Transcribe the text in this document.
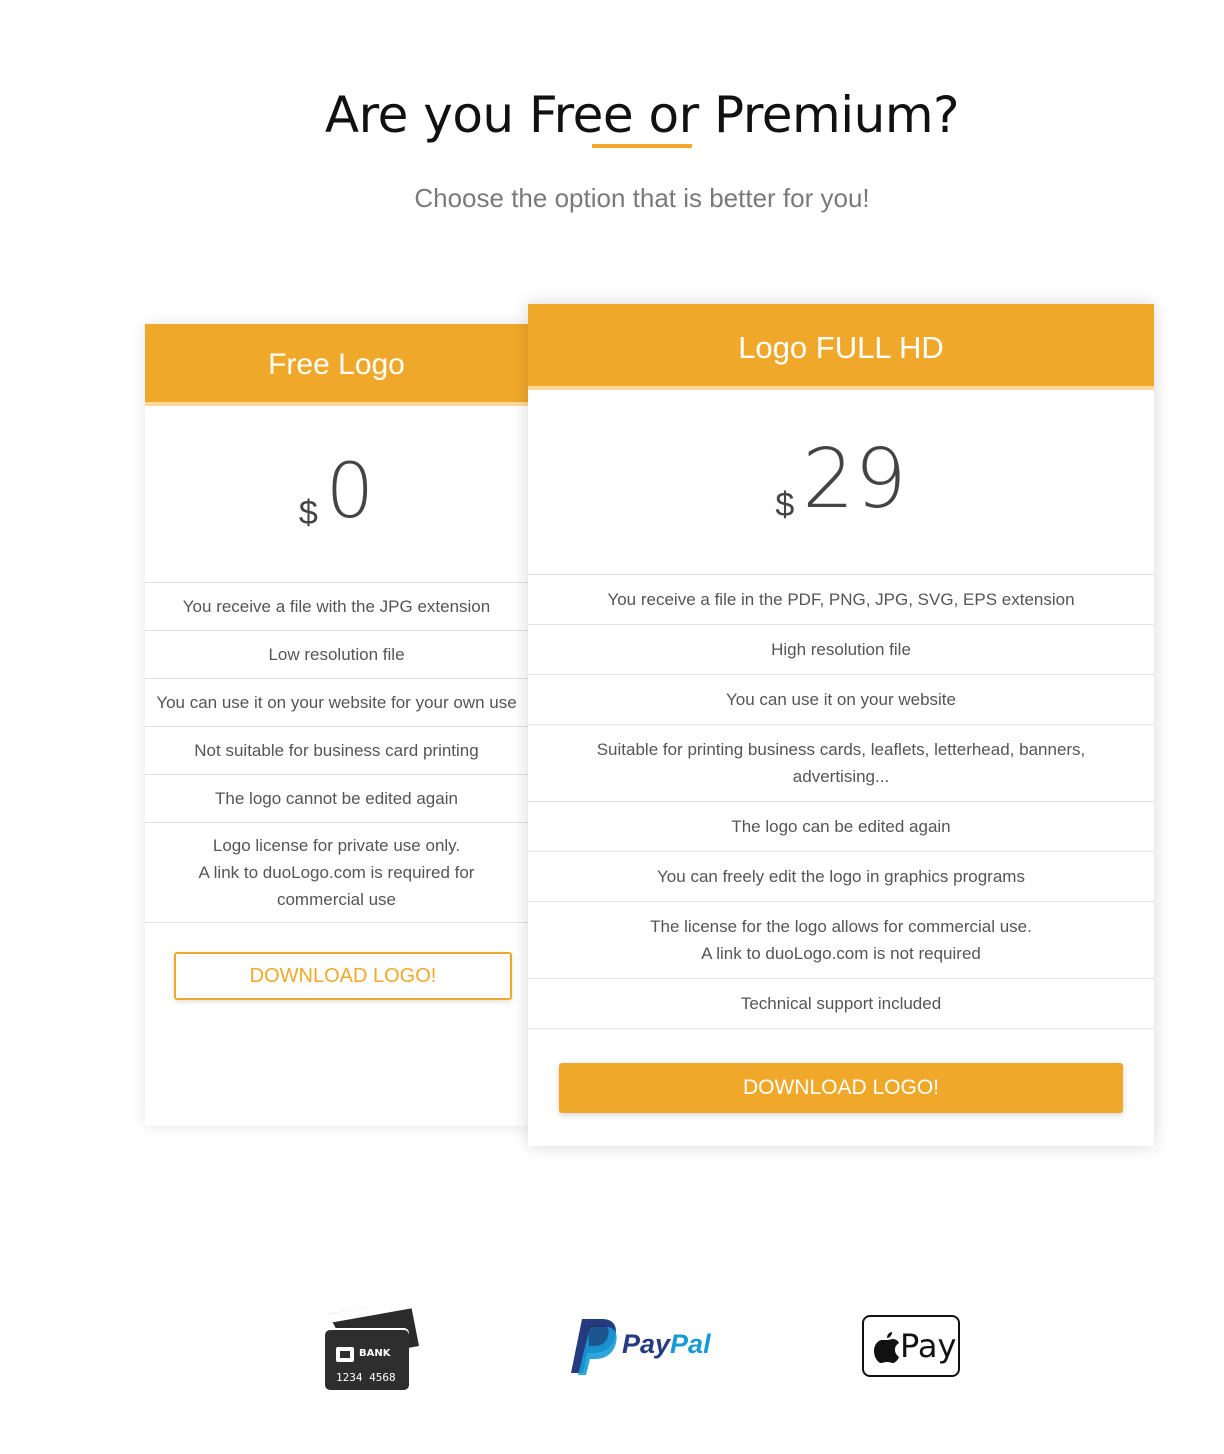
Are you Free or Premium?
Choose the option that is better for you!
Free Logo
$ 0
You receive a file with the JPG extension
Low resolution file
You can use it on your website for your own use
Not suitable for business card printing
The logo cannot be edited again
Logo license for private use only.
A link to duoLogo.com is required for
commercial use
DOWNLOAD LOGO!
Logo FULL HD
$29
You receive a file in the PDF, PNG, JPG, SVG, EPS extension
High resolution file
You can use it on your website
Suitable for printing business cards, leaflets, letterhead, banners,
advertising...
The logo can be edited again
You can freely edit the logo in graphics programs
The license for the logo allows for commercial use.
A link to duoLogo.com is not required
Technical support included
DOWNLOAD LOGO!
BANK
1234 4568
PayPal	Pay
